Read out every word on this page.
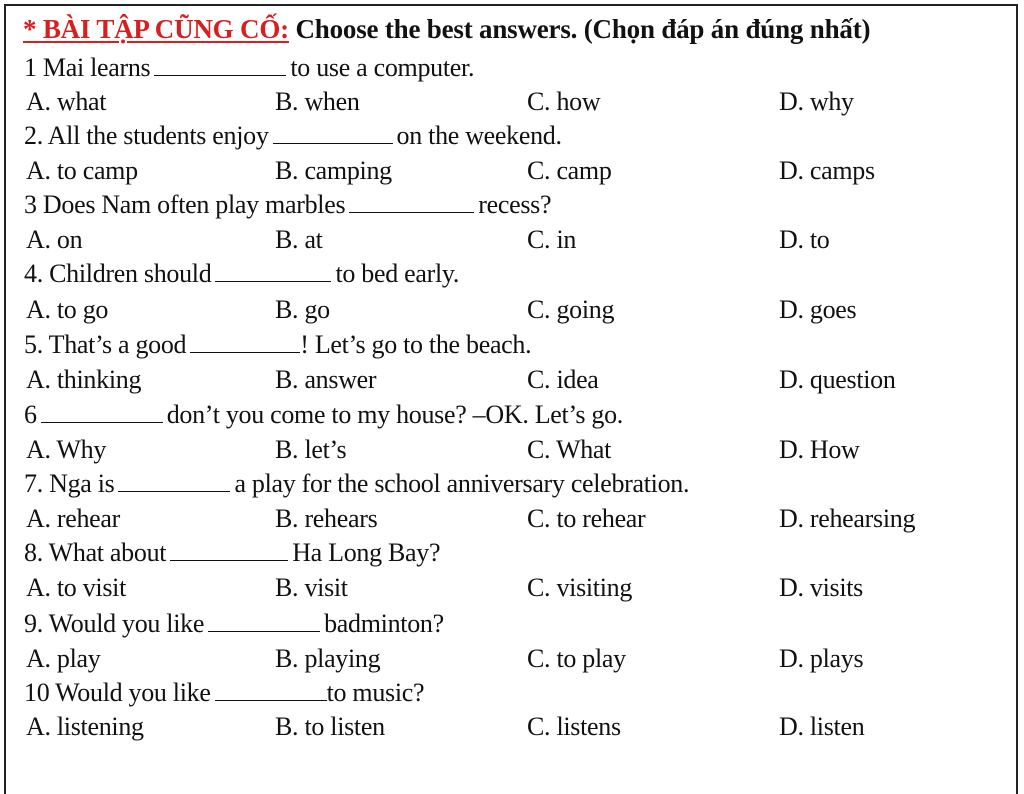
* BÀI TẬP CŨNG CỐ: Choose the best answers. (Chọn đáp án đúng nhất)
1 Mai learns	to use a computer.
A. what	B. when	C. how	D. why
2. All the students enjoy	on the weekend.
A. to camp	B. camping	C. camp	D. camps
3 Does Nam often play marbles	recess?
A. on	B. at	C. in	D. to
4. Children should	to bed early.
A. to go	B. go	C. going	D. goes
5. That’s a good	! Let’s go to the beach.
A. thinking	B. answer	C. idea	D. question
6	don’t you come to my house? –OK. Let’s go.
A. Why	B. let’s	C. What	D. How
7. Nga is	a play for the school anniversary celebration.
A. rehear	B. rehears	C. to rehear	D. rehearsing
8. What about	Ha Long Bay?
A. to visit	B. visit	C. visiting	D. visits
9. Would you like	badminton?
A. play	B. playing	C. to play	D. plays
10 Would you like	to music?
A. listening	B. to listen	C. listens	D. listen
